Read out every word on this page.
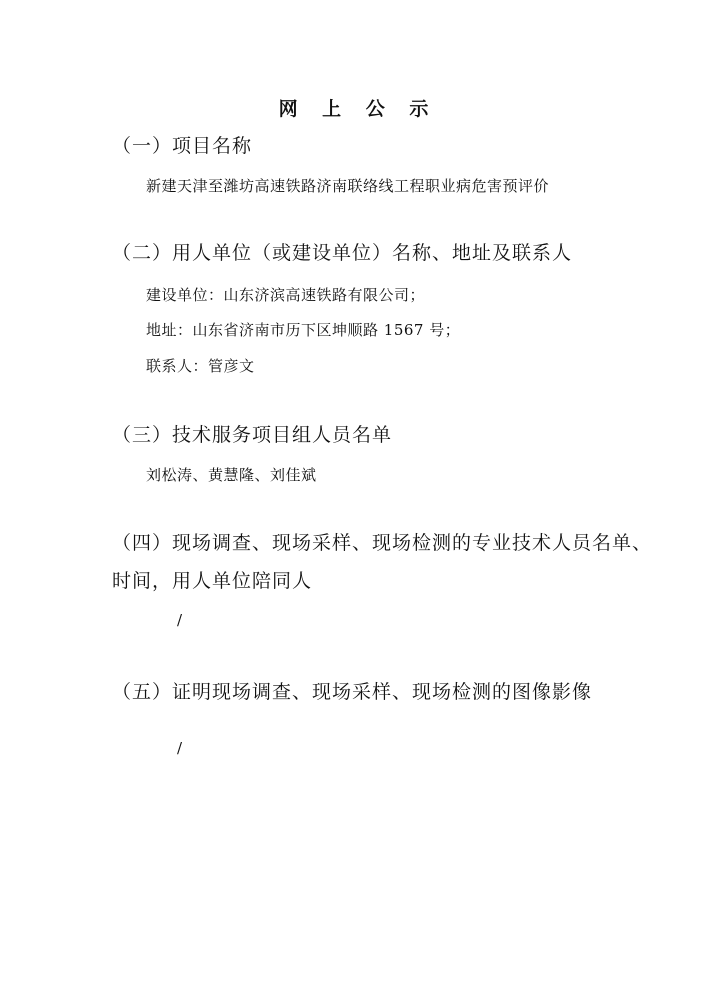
网 上 公 示
（一）项目名称
新建天津至潍坊高速铁路济南联络线工程职业病危害预评价
（二）用人单位（或建设单位）名称、地址及联系人
建设单位：山东济滨高速铁路有限公司；
地址：山东省济南市历下区坤顺路 1567 号；
联系人：管彦文
（三）技术服务项目组人员名单
刘松涛、黄慧隆、刘佳斌
（四）现场调查、现场采样、现场检测的专业技术人员名单、
时间，用人单位陪同人
/
（五）证明现场调查、现场采样、现场检测的图像影像
/
